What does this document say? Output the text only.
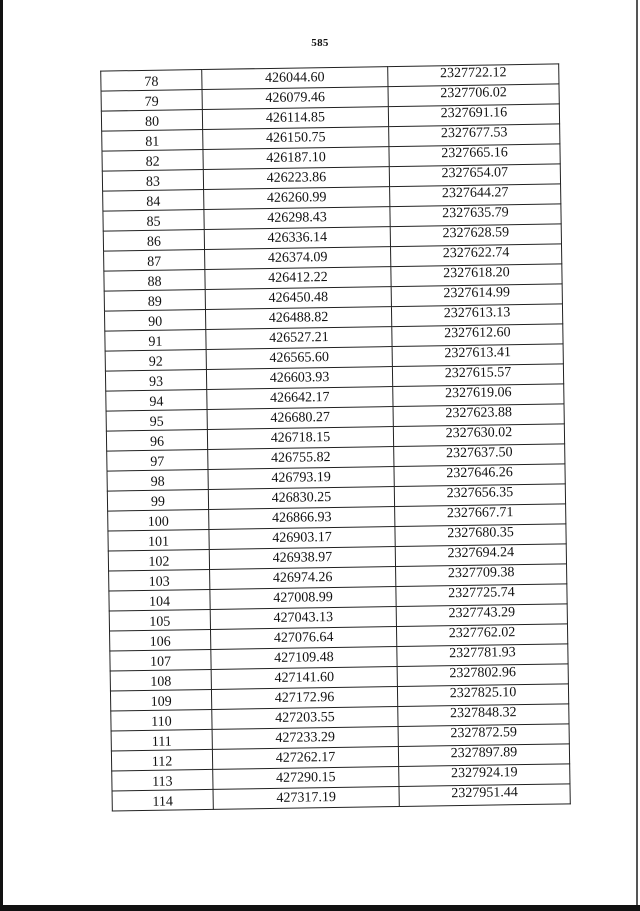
585
78	426044.60	2327722.12
79	426079.46	2327706.02
80	426114.85	2327691.16
81	426150.75	2327677.53
82	426187.10	2327665.16
83	426223.86	2327654.07
84	426260.99	2327644.27
85	426298.43	2327635.79
86	426336.14	2327628.59
87	426374.09	2327622.74
88	426412.22	2327618.20
89	426450.48	2327614.99
90	426488.82	2327613.13
91	426527.21	2327612.60
92	426565.60	2327613.41
93	426603.93	2327615.57
94	426642.17	2327619.06
95	426680.27	2327623.88
96	426718.15	2327630.02
97	426755.82	2327637.50
98	426793.19	2327646.26
99	426830.25	2327656.35
100	426866.93	2327667.71
101	426903.17	2327680.35
102	426938.97	2327694.24
103	426974.26	2327709.38
104	427008.99	2327725.74
105	427043.13	2327743.29
106	427076.64	2327762.02
107	427109.48	2327781.93
108	427141.60	2327802.96
109	427172.96	2327825.10
110	427203.55	2327848.32
111	427233.29	2327872.59
112	427262.17	2327897.89
113	427290.15	2327924.19
114	427317.19	2327951.44
